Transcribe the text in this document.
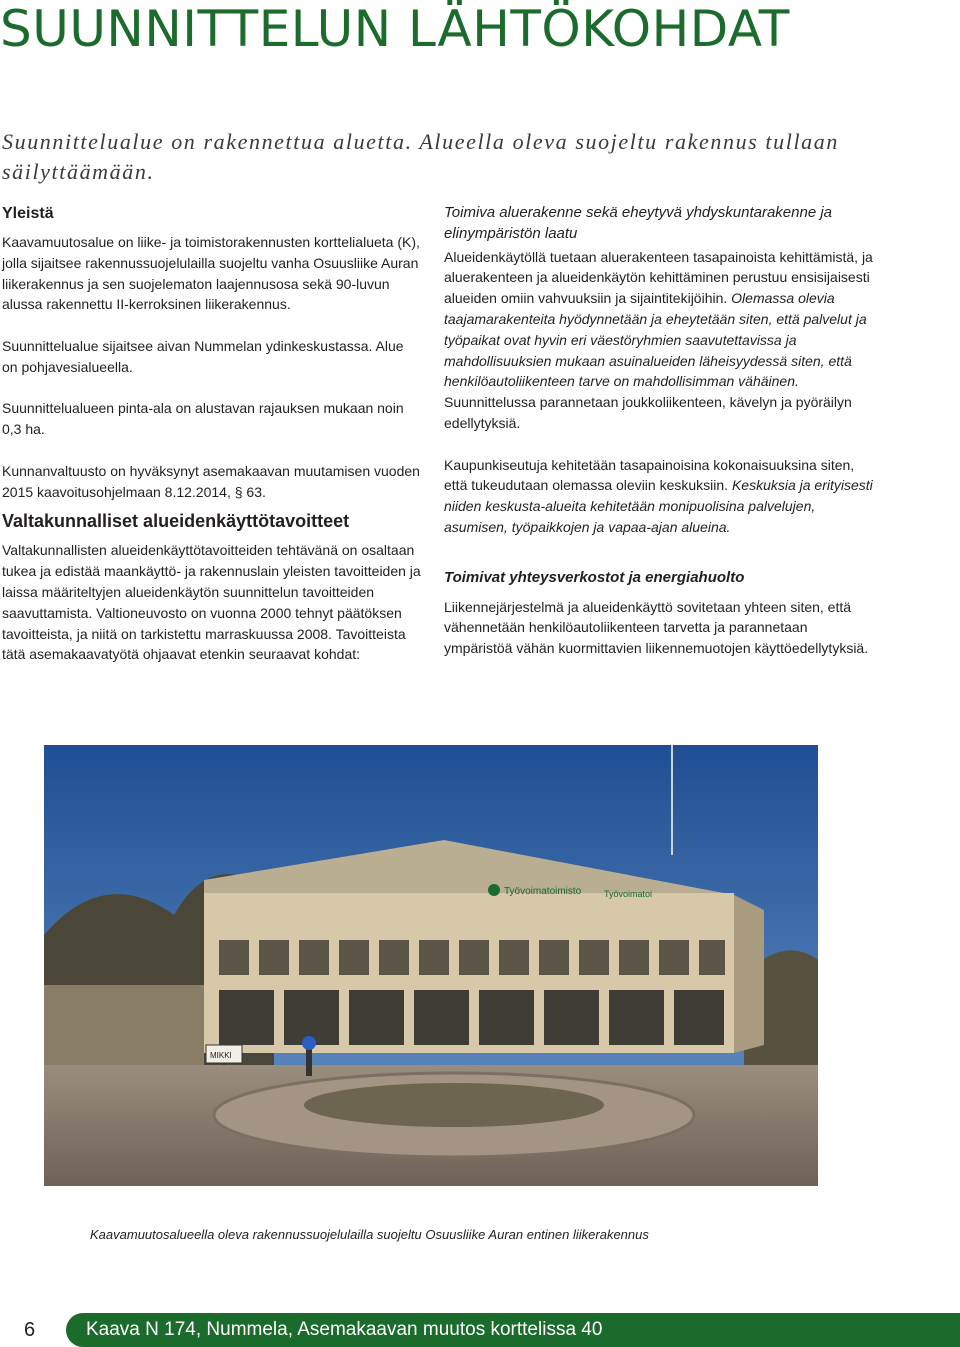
SUUNNITTELUN LÄHTÖKOHDAT

Suunnittelualue on rakennettua aluetta. Alueella oleva suojeltu rakennus tullaan säilyttäämään.

Yleistä

Kaavamuutosalue on liike- ja toimistorakennusten korttelialueta (K), jolla sijaitsee rakennussuojelulailla suojeltu vanha Osuusliike Auran liikerakennus ja sen suojelematon laajennusosa sekä 90-luvun alussa rakennettu II-kerroksinen liikerakennus.

Suunnittelualue sijaitsee aivan Nummelan ydinkeskustassa. Alue on pohjavesialueella.

Suunnittelualueen pinta-ala on alustavan rajauksen mukaan noin 0,3 ha.

Kunnanvaltuusto on hyväksynyt asemakaavan muutamisen vuoden 2015 kaavoitusohjelmaan 8.12.2014, § 63.

Valtakunnalliset alueidenkäyttötavoitteet

Valtakunnallisten alueidenkäyttötavoitteiden tehtävänä on osaltaan tukea ja edistää maankäyttö- ja rakennuslain yleisten tavoitteiden ja laissa määriteltyjen alueidenkäytön suunnittelun tavoitteiden saavuttamista. Valtioneuvosto on vuonna 2000 tehnyt päätöksen tavoitteista, ja niitä on tarkistettu marraskuussa 2008. Tavoitteista tätä asemakaavatyötä ohjaavat etenkin seuraavat kohdat:

Toimiva aluerakenne sekä eheytyvä yhdyskuntarakenne ja elinympäristön laatu

Alueidenkäytöllä tuetaan aluerakenteen tasapainoista kehittämistä, ja aluerakenteen ja alueidenkäytön kehittäminen perustuu ensisijaisesti alueiden omiin vahvuuksiin ja sijaintitekijöihin. Olemassa olevia taajamarakenteita hyödynnetään ja eheytetään siten, että palvelut ja työpaikat ovat hyvin eri väestöryhmien saavutettavissa ja mahdollisuuksien mukaan asuinalueiden läheisyydessä siten, että henkilöautoliikenteen tarve on mahdollisimman vähäinen. Suunnittelussa parannetaan joukkoliikenteen, kävelyn ja pyöräilyn edellytyksiä.

Kaupunkiseutuja kehitetään tasapainoisina kokonaisuuksina siten, että tukeudutaan olemassa oleviin keskuksiin. Keskuksia ja erityisesti niiden keskusta-alueita kehitetään monipuolisina palvelujen, asumisen, työpaikkojen ja vapaa-ajan alueina.

Toimivat yhteysverkostot ja energiahuolto

Liikennejärjestelmä ja alueidenkäyttö sovitetaan yhteen siten, että vähennetään henkilöautoliikenteen tarvetta ja parannetaan ympäristöä vähän kuormittavien liikennemuotojen käyttöedellytyksiä.

Työvoimatoimisto	Työvoimatoi
MIKKI

Kaavamuutosalueella oleva rakennussuojelulailla suojeltu Osuusliike Auran entinen liikerakennus

6	Kaava N 174, Nummela, Asemakaavan muutos korttelissa 40
